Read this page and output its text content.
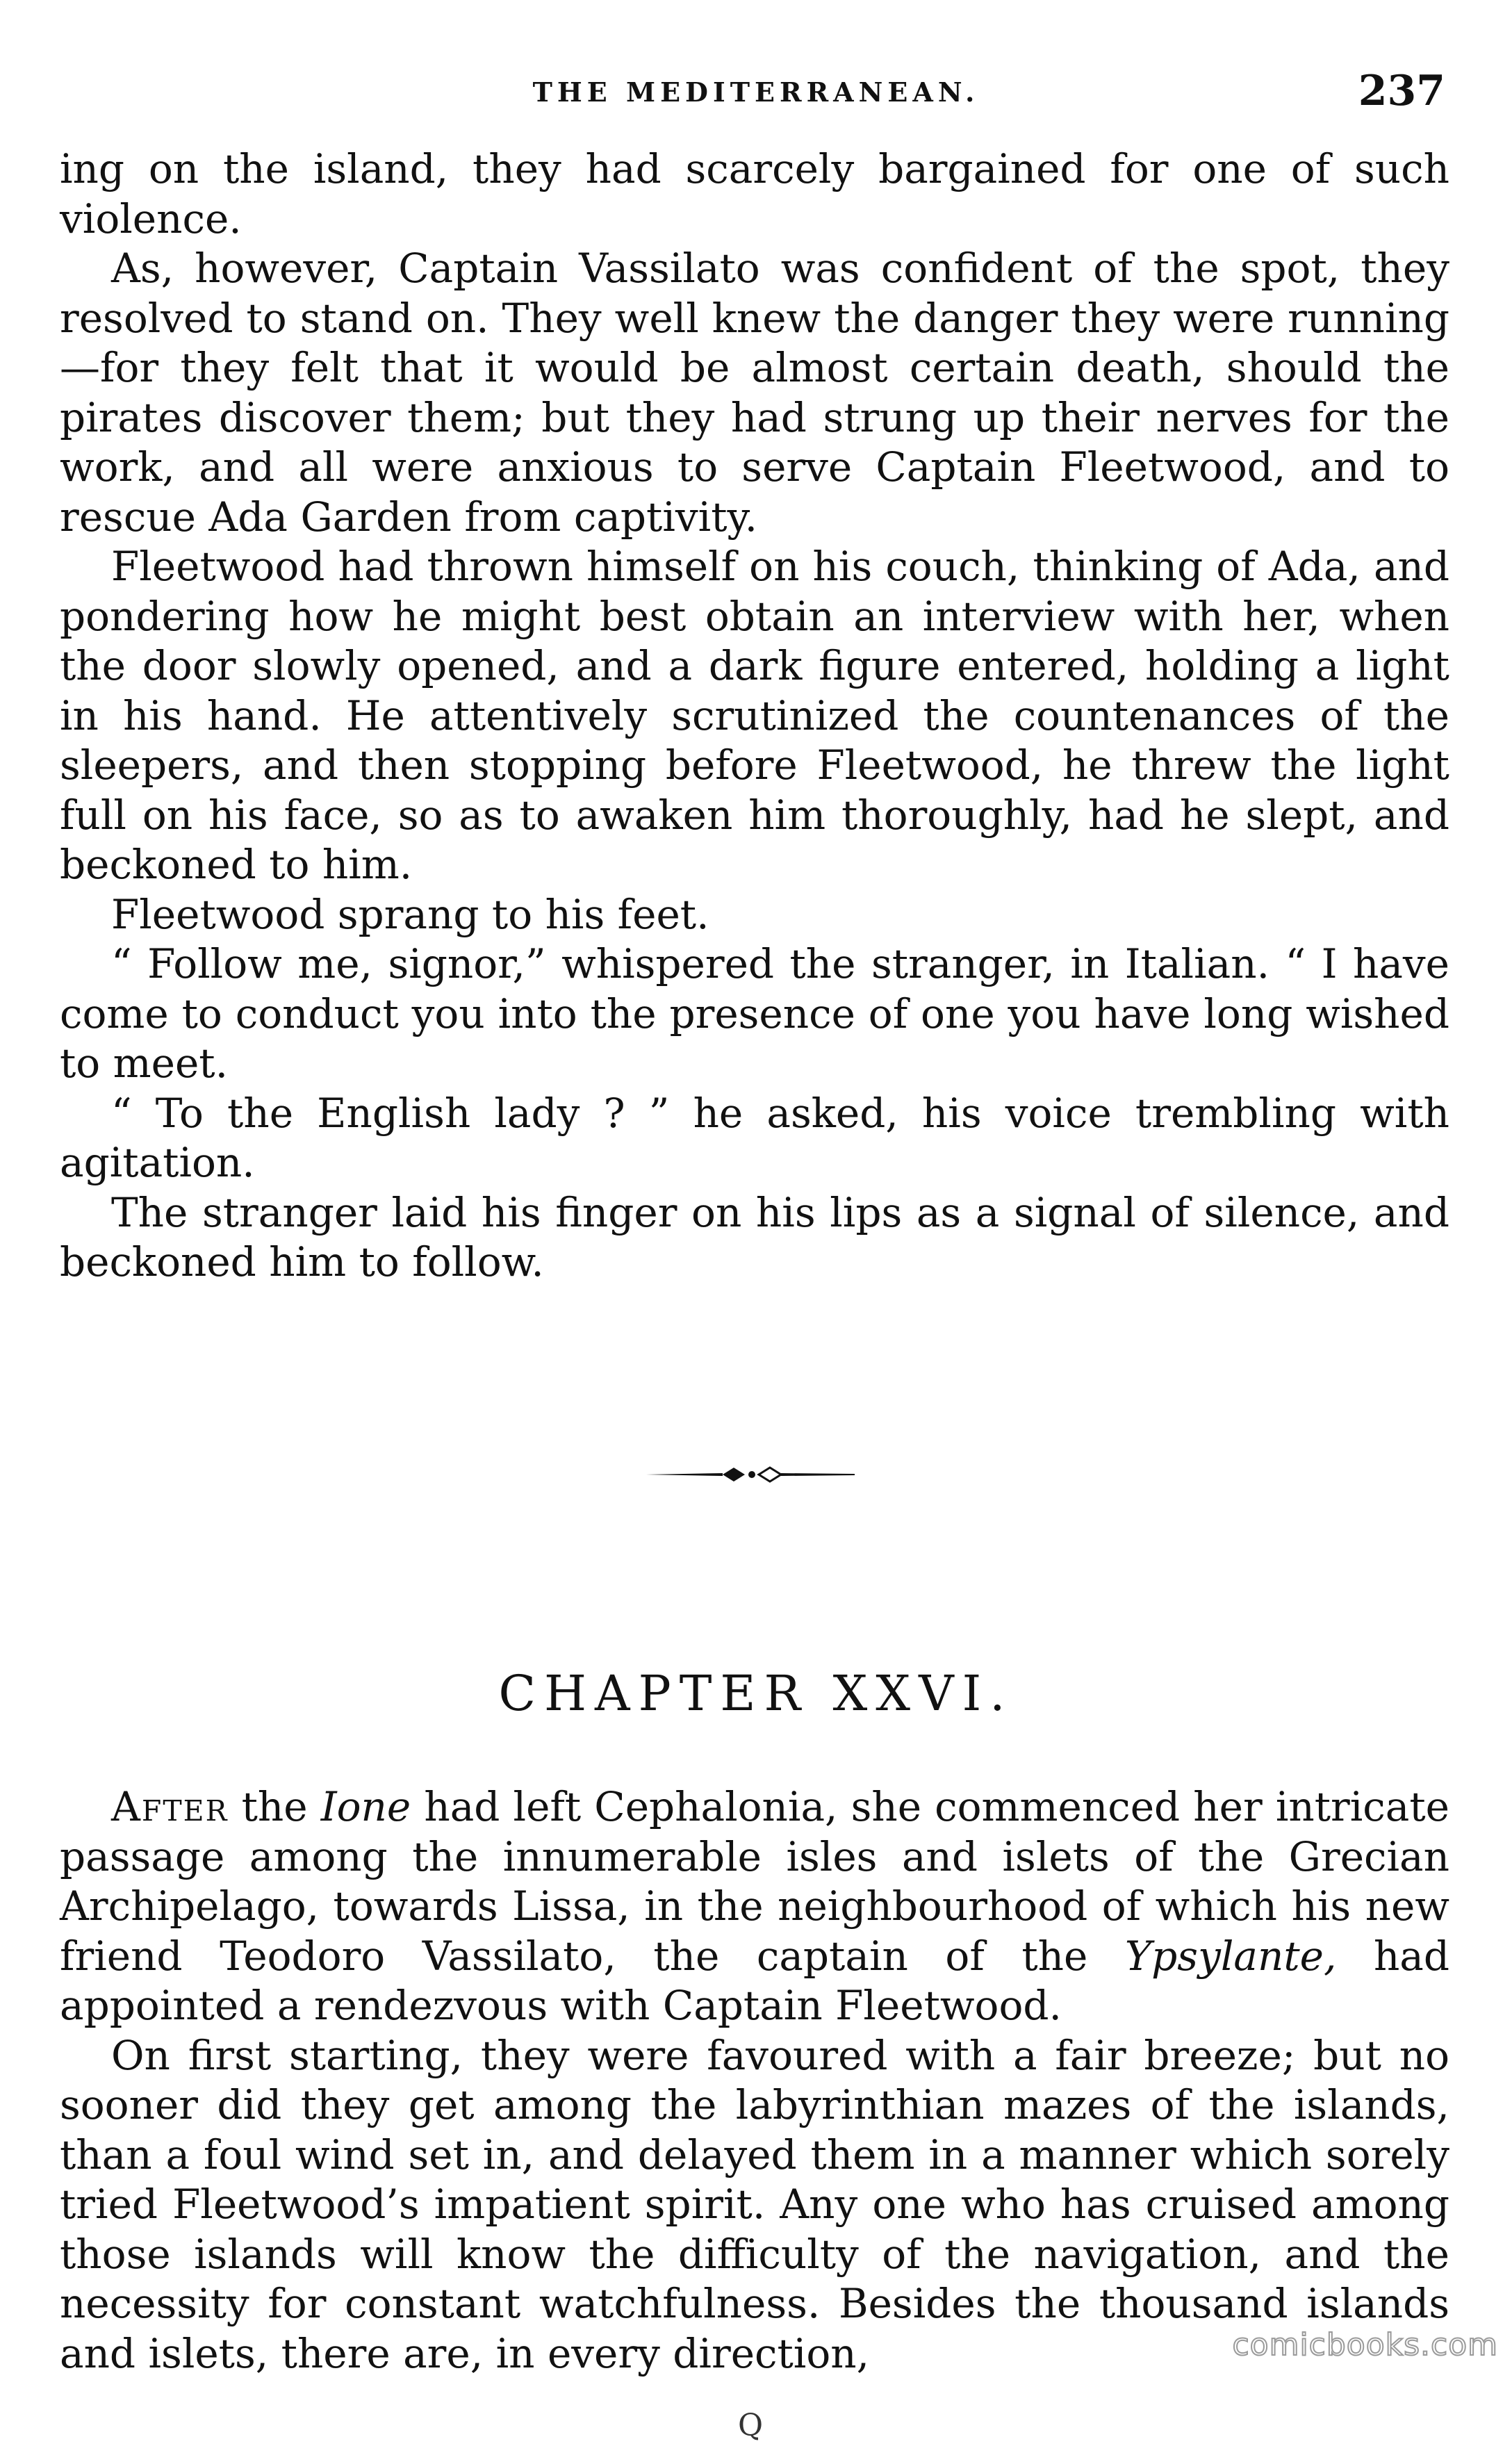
THE MEDITERRANEAN.	237

ing on the island, they had scarcely bargained for one of such violence.

As, however, Captain Vassilato was confident of the spot, they resolved to stand on. They well knew the danger they were running—for they felt that it would be almost certain death, should the pirates discover them; but they had strung up their nerves for the work, and all were anxious to serve Captain Fleetwood, and to rescue Ada Garden from captivity.

Fleetwood had thrown himself on his couch, thinking of Ada, and pondering how he might best obtain an interview with her, when the door slowly opened, and a dark figure entered, holding a light in his hand. He attentively scrutinized the countenances of the sleepers, and then stopping before Fleetwood, he threw the light full on his face, so as to awaken him thoroughly, had he slept, and beckoned to him.

Fleetwood sprang to his feet.

“ Follow me, signor,” whispered the stranger, in Italian. “ I have come to conduct you into the presence of one you have long wished to meet.

“ To the English lady ? ” he asked, his voice trembling with agitation.

The stranger laid his finger on his lips as a signal of silence, and beckoned him to follow.

CHAPTER XXVI.

After the Ione had left Cephalonia, she commenced her intricate passage among the innumerable isles and islets of the Grecian Archipelago, towards Lissa, in the neighbourhood of which his new friend Teodoro Vassilato, the captain of the Ypsylante, had appointed a rendezvous with Captain Fleetwood.

On first starting, they were favoured with a fair breeze; but no sooner did they get among the labyrinthian mazes of the islands, than a foul wind set in, and delayed them in a manner which sorely tried Fleetwood’s impatient spirit. Any one who has cruised among those islands will know the difficulty of the navigation, and the necessity for constant watchfulness. Besides the thousand islands and islets, there are, in every direction,	comicbooks.com
Q
